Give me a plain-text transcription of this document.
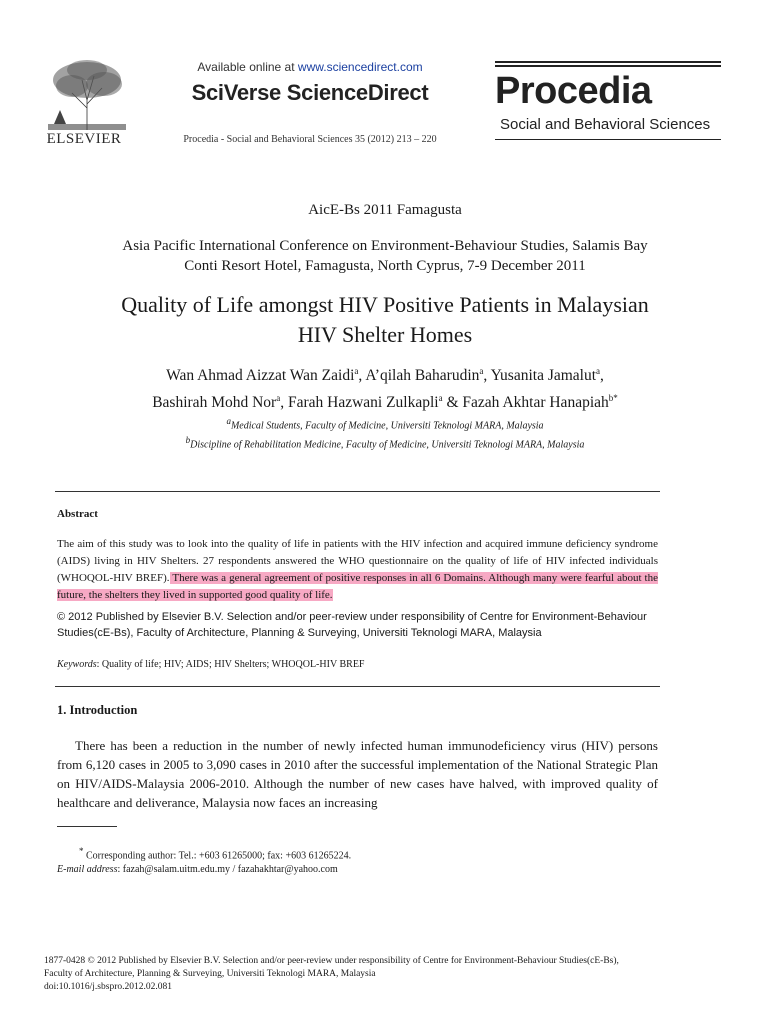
ELSEVIER
Available online at www.sciencedirect.com
SciVerse ScienceDirect
Procedia - Social and Behavioral Sciences 35 (2012) 213 – 220
Procedia
Social and Behavioral Sciences
AicE-Bs 2011 Famagusta
Asia Pacific International Conference on Environment-Behaviour Studies, Salamis Bay
Conti Resort Hotel, Famagusta, North Cyprus, 7-9 December 2011
Quality of Life amongst HIV Positive Patients in Malaysian
HIV Shelter Homes
Wan Ahmad Aizzat Wan Zaidi$^a$, A’qilah Baharudin$^a$, Yusanita Jamalut$^a$,
Bashirah Mohd Nor$^a$, Farah Hazwani Zulkapli$^a$ & Fazah Akhtar Hanapiah$^{b*}$
$^a$Medical Students, Faculty of Medicine, Universiti Teknologi MARA, Malaysia
$^b$Discipline of Rehabilitation Medicine, Faculty of Medicine, Universiti Teknologi MARA, Malaysia
Abstract
The aim of this study was to look into the quality of life in patients with the HIV infection and acquired immune deficiency syndrome (AIDS) living in HIV Shelters. 27 respondents answered the WHO questionnaire on the quality of life of HIV infected individuals (WHOQOL-HIV BREF). There was a general agreement of positive responses in all 6 Domains. Although many were fearful about the future, the shelters they lived in supported good quality of life.
© 2012 Published by Elsevier B.V. Selection and/or peer-review under responsibility of Centre for Environment-Behaviour Studies(cE-Bs), Faculty of Architecture, Planning & Surveying, Universiti Teknologi MARA, Malaysia
Keywords: Quality of life; HIV; AIDS; HIV Shelters; WHOQOL-HIV BREF
1. Introduction
There has been a reduction in the number of newly infected human immunodeficiency virus (HIV) persons from 6,120 cases in 2005 to 3,090 cases in 2010 after the successful implementation of the National Strategic Plan on HIV/AIDS-Malaysia 2006-2010. Although the number of new cases have halved, with improved quality of healthcare and deliverance, Malaysia now faces an increasing
* Corresponding author: Tel.: +603 61265000; fax: +603 61265224.
E-mail address: fazah@salam.uitm.edu.my / fazahakhtar@yahoo.com
1877-0428 © 2012 Published by Elsevier B.V. Selection and/or peer-review under responsibility of Centre for Environment-Behaviour Studies(cE-Bs),
Faculty of Architecture, Planning & Surveying, Universiti Teknologi MARA, Malaysia
doi:10.1016/j.sbspro.2012.02.081
